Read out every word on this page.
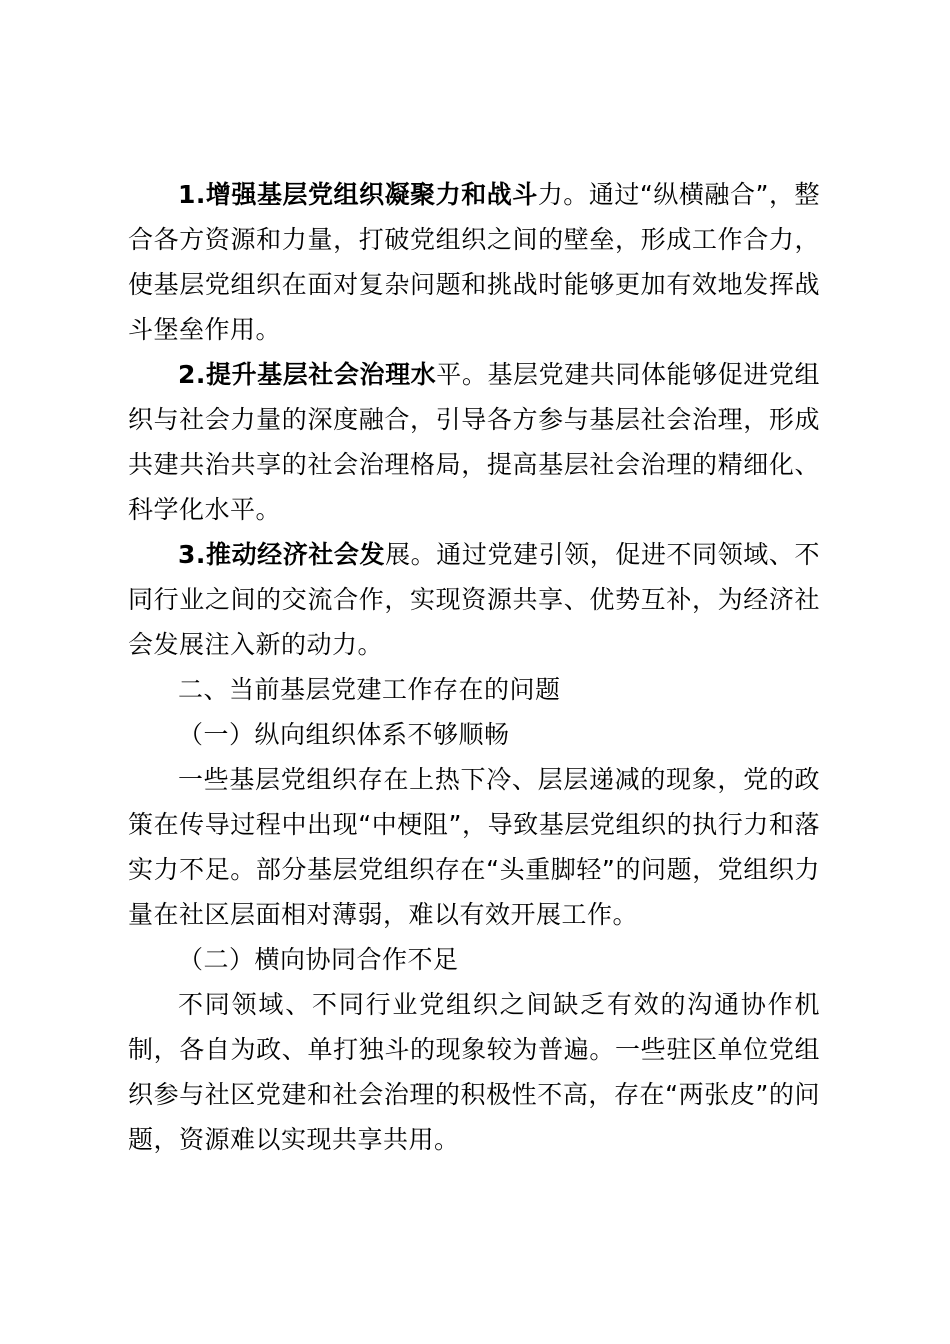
1.增强基层党组织凝聚力和战斗力。通过“纵横融合”，整合各方资源和力量，打破党组织之间的壁垒，形成工作合力，使基层党组织在面对复杂问题和挑战时能够更加有效地发挥战斗堡垒作用。

2.提升基层社会治理水平。基层党建共同体能够促进党组织与社会力量的深度融合，引导各方参与基层社会治理，形成共建共治共享的社会治理格局，提高基层社会治理的精细化、科学化水平。

3.推动经济社会发展。通过党建引领，促进不同领域、不同行业之间的交流合作，实现资源共享、优势互补，为经济社会发展注入新的动力。

二、当前基层党建工作存在的问题

（一）纵向组织体系不够顺畅

一些基层党组织存在上热下冷、层层递减的现象，党的政策在传导过程中出现“中梗阻”，导致基层党组织的执行力和落实力不足。部分基层党组织存在“头重脚轻”的问题，党组织力量在社区层面相对薄弱，难以有效开展工作。

（二）横向协同合作不足

不同领域、不同行业党组织之间缺乏有效的沟通协作机制，各自为政、单打独斗的现象较为普遍。一些驻区单位党组织参与社区党建和社会治理的积极性不高，存在“两张皮”的问题，资源难以实现共享共用。
